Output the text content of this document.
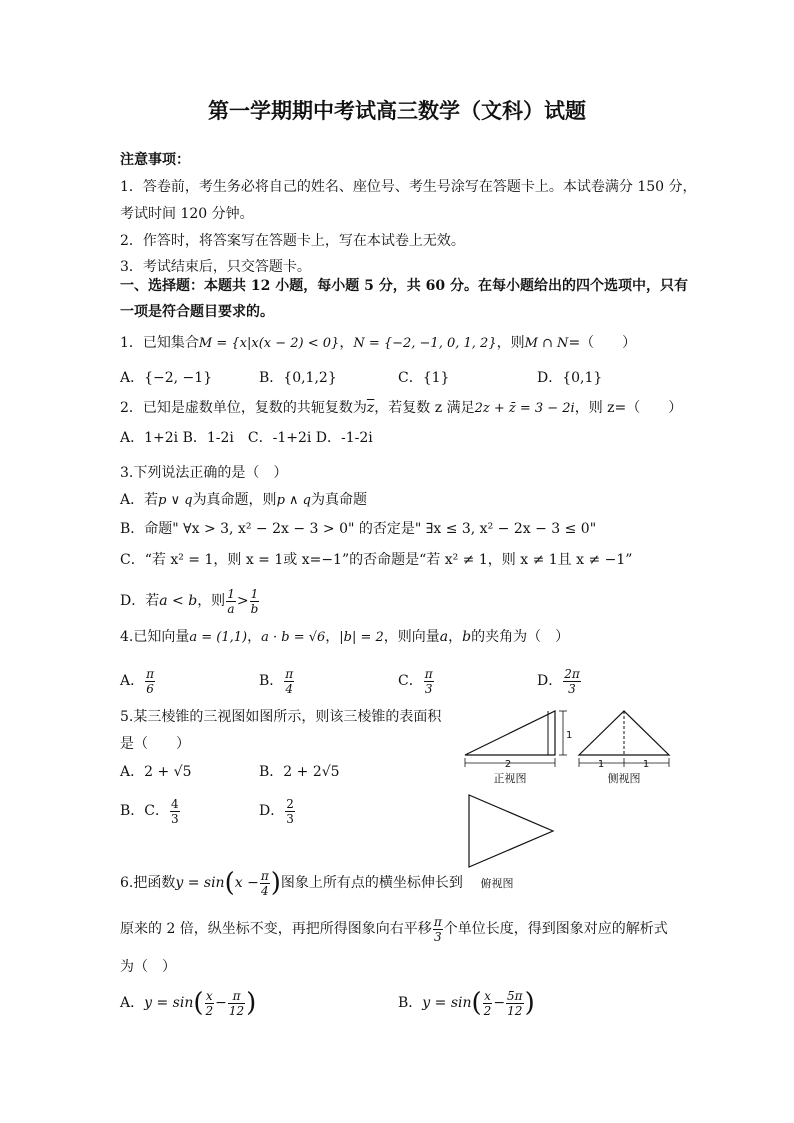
第一学期期中考试高三数学（文科）试题
注意事项：
1．答卷前，考生务必将自己的姓名、座位号、考生号涂写在答题卡上。本试卷满分 150 分，
考试时间 120 分钟。
2．作答时，将答案写在答题卡上，写在本试卷上无效。
3．考试结束后，只交答题卡。
一、选择题：本题共 12 小题，每小题 5 分，共 60 分。在每小题给出的四个选项中，只有
一项是符合题目要求的。
1．已知集合M = {x|x(x − 2) < 0}，N = {−2, −1, 0, 1, 2}，则M ∩ N=（　　）
A．{−2, −1}	B．{0,1,2}	C．{1}	D．{0,1}
2．已知是虚数单位，复数的共轭复数为$\overline{z}$，若复数 z 满足2z + z̄ = 3 − 2i，则 z=（　　）
A．1+2i B．1-2i　C．-1+2i D．-1-2i
3.下列说法正确的是（　）
A．若p ∨ q为真命题，则p ∧ q为真命题
B．命题" ∀x > 3, x² − 2x − 3 > 0" 的否定是" ∃x ≤ 3, x² − 2x − 3 ≤ 0"
C．“若 x² = 1，则 x = 1或 x=−1”的否命题是“若 x² ≠ 1，则 x ≠ 1且 x ≠ −1”
D．若a < b，则 $\frac{1}{a} > \frac{1}{b}$
4.已知向量a = (1,1)，a · b = √6，|b| = 2，则向量a，b的夹角为（　）
A． $\frac{\pi}{6}$	B． $\frac{\pi}{4}$	C． $\frac{\pi}{3}$	D． $\frac{2\pi}{3}$
5.某三棱锥的三视图如图所示，则该三棱锥的表面积
是（　　）
A．2 + √5	B．2 + 2√5
B．C． $\frac{4}{3}$	D． $\frac{2}{3}$
2
1
正视图
1	1
侧视图
俯视图
6.把函数$y = \sin(x - \frac{\pi}{4}$ )图象上所有点的横坐标伸长到
原来的 2 倍，纵坐标不变，再把所得图象向右平移 $\frac{\pi}{3}$ 个单位长度，得到图象对应的解析式
为（　）
A．$y = \sin( \frac{x}{2} - \frac{\pi}{12}$ )	B．$y = \sin( \frac{x}{2} - \frac{5\pi}{12}$ )
